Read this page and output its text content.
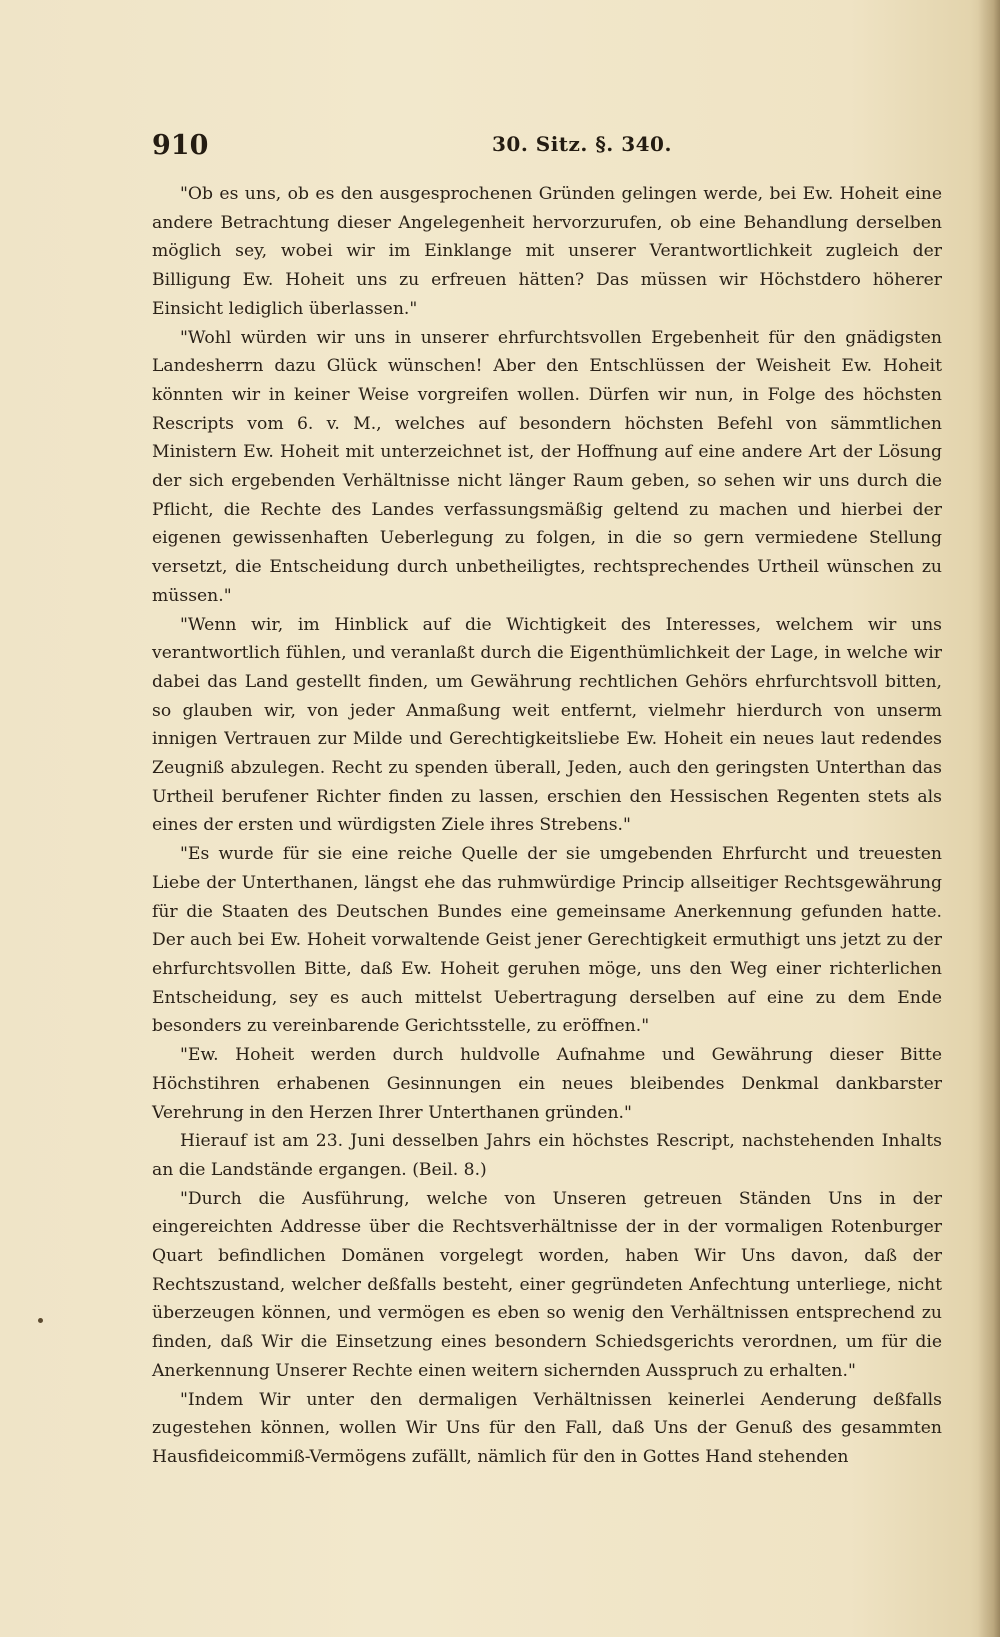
910	30. Sitz. §. 340.

"Ob es uns, ob es den ausgesprochenen Gründen gelingen werde, bei Ew. Hoheit eine andere Betrachtung dieser Angelegenheit hervorzurufen, ob eine Behandlung derselben möglich sey, wobei wir im Einklange mit unserer Verantwortlichkeit zugleich der Billigung Ew. Hoheit uns zu erfreuen hätten? Das müssen wir Höchstdero höherer Einsicht lediglich überlassen."

"Wohl würden wir uns in unserer ehrfurchtsvollen Ergebenheit für den gnädigsten Landesherrn dazu Glück wünschen! Aber den Entschlüssen der Weisheit Ew. Hoheit könnten wir in keiner Weise vorgreifen wollen. Dürfen wir nun, in Folge des höchsten Rescripts vom 6. v. M., welches auf besondern höchsten Befehl von sämmtlichen Ministern Ew. Hoheit mit unterzeichnet ist, der Hoffnung auf eine andere Art der Lösung der sich ergebenden Verhältnisse nicht länger Raum geben, so sehen wir uns durch die Pflicht, die Rechte des Landes verfassungsmäßig geltend zu machen und hierbei der eigenen gewissenhaften Ueberlegung zu folgen, in die so gern vermiedene Stellung versetzt, die Entscheidung durch unbetheiligtes, rechtsprechendes Urtheil wünschen zu müssen."

"Wenn wir, im Hinblick auf die Wichtigkeit des Interesses, welchem wir uns verantwortlich fühlen, und veranlaßt durch die Eigenthümlichkeit der Lage, in welche wir dabei das Land gestellt finden, um Gewährung rechtlichen Gehörs ehrfurchtsvoll bitten, so glauben wir, von jeder Anmaßung weit entfernt, vielmehr hierdurch von unserm innigen Vertrauen zur Milde und Gerechtigkeitsliebe Ew. Hoheit ein neues laut redendes Zeugniß abzulegen. Recht zu spenden überall, Jeden, auch den geringsten Unterthan das Urtheil berufener Richter finden zu lassen, erschien den Hessischen Regenten stets als eines der ersten und würdigsten Ziele ihres Strebens."

"Es wurde für sie eine reiche Quelle der sie umgebenden Ehrfurcht und treuesten Liebe der Unterthanen, längst ehe das ruhmwürdige Princip allseitiger Rechtsgewährung für die Staaten des Deutschen Bundes eine gemeinsame Anerkennung gefunden hatte. Der auch bei Ew. Hoheit vorwaltende Geist jener Gerechtigkeit ermuthigt uns jetzt zu der ehrfurchtsvollen Bitte, daß Ew. Hoheit geruhen möge, uns den Weg einer richterlichen Entscheidung, sey es auch mittelst Uebertragung derselben auf eine zu dem Ende besonders zu vereinbarende Gerichtsstelle, zu eröffnen."

"Ew. Hoheit werden durch huldvolle Aufnahme und Gewährung dieser Bitte Höchstihren erhabenen Gesinnungen ein neues bleibendes Denkmal dankbarster Verehrung in den Herzen Ihrer Unterthanen gründen."

Hierauf ist am 23. Juni desselben Jahrs ein höchstes Rescript, nachstehenden Inhalts an die Landstände ergangen. (Beil. 8.)

"Durch die Ausführung, welche von Unseren getreuen Ständen Uns in der eingereichten Addresse über die Rechtsverhältnisse der in der vormaligen Rotenburger Quart befindlichen Domänen vorgelegt worden, haben Wir Uns davon, daß der Rechtszustand, welcher deßfalls besteht, einer gegründeten Anfechtung unterliege, nicht überzeugen können, und vermögen es eben so wenig den Verhältnissen entsprechend zu finden, daß Wir die Einsetzung eines besondern Schiedsgerichts verordnen, um für die Anerkennung Unserer Rechte einen weitern sichernden Ausspruch zu erhalten."

"Indem Wir unter den dermaligen Verhältnissen keinerlei Aenderung deßfalls zugestehen können, wollen Wir Uns für den Fall, daß Uns der Genuß des gesammten Hausfideicommiß-Vermögens zufällt, nämlich für den in Gottes Hand stehenden
